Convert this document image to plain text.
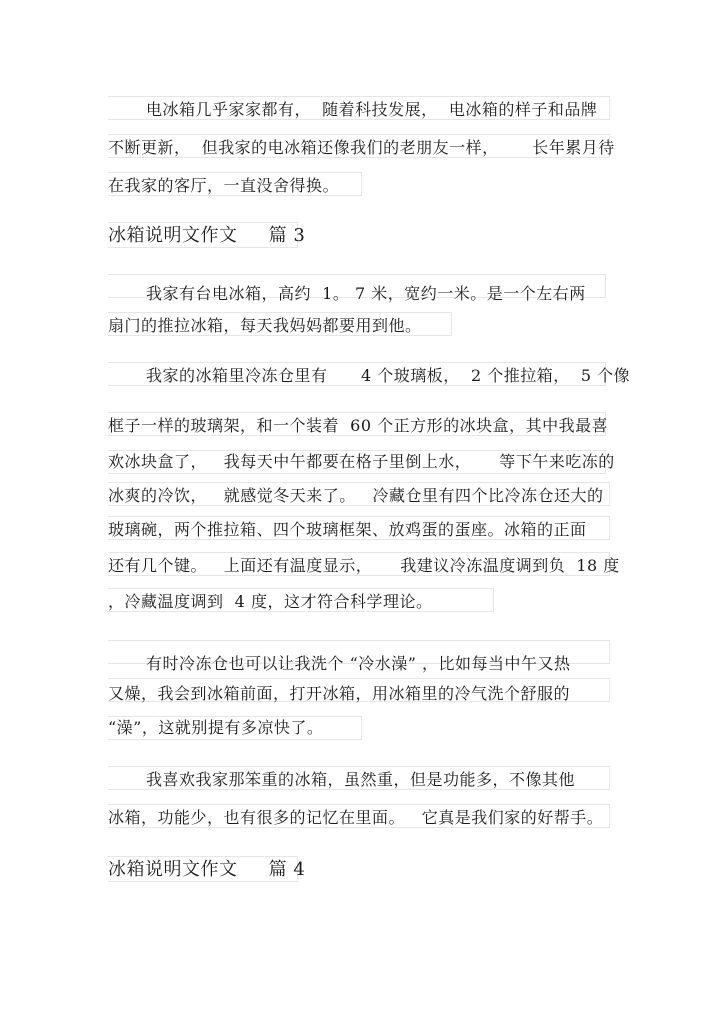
电冰箱几乎家家都有，  随着科技发展，  电冰箱的样子和品牌
不断更新，  但我家的电冰箱还像我们的老朋友一样，      长年累月待
在我家的客厅，一直没舍得换。
冰箱说明文作文     篇 3
我家有台电冰箱，高约  1。 7 米，宽约一米。是一个左右两
扇门的推拉冰箱，每天我妈妈都要用到他。
我家的冰箱里冷冻仓里有      4 个玻璃板，  2 个推拉箱，  5 个像
框子一样的玻璃架，和一个装着  60 个正方形的冰块盒，其中我最喜
欢冰块盒了，   我每天中午都要在格子里倒上水，     等下午来吃冻的
冰爽的冷饮，   就感觉冬天来了。   冷藏仓里有四个比冷冻仓还大的
玻璃碗，两个推拉箱、四个玻璃框架、放鸡蛋的蛋座。冰箱的正面
还有几个键。   上面还有温度显示，     我建议冷冻温度调到负  18 度
，冷藏温度调到  4 度，这才符合科学理论。
有时冷冻仓也可以让我洗个 “冷水澡” ，比如每当中午又热
又燥，我会到冰箱前面，打开冰箱，用冰箱里的冷气洗个舒服的
“澡”，这就别提有多凉快了。
我喜欢我家那笨重的冰箱，虽然重，但是功能多，不像其他
冰箱，功能少，也有很多的记忆在里面。   它真是我们家的好帮手。
冰箱说明文作文     篇 4
